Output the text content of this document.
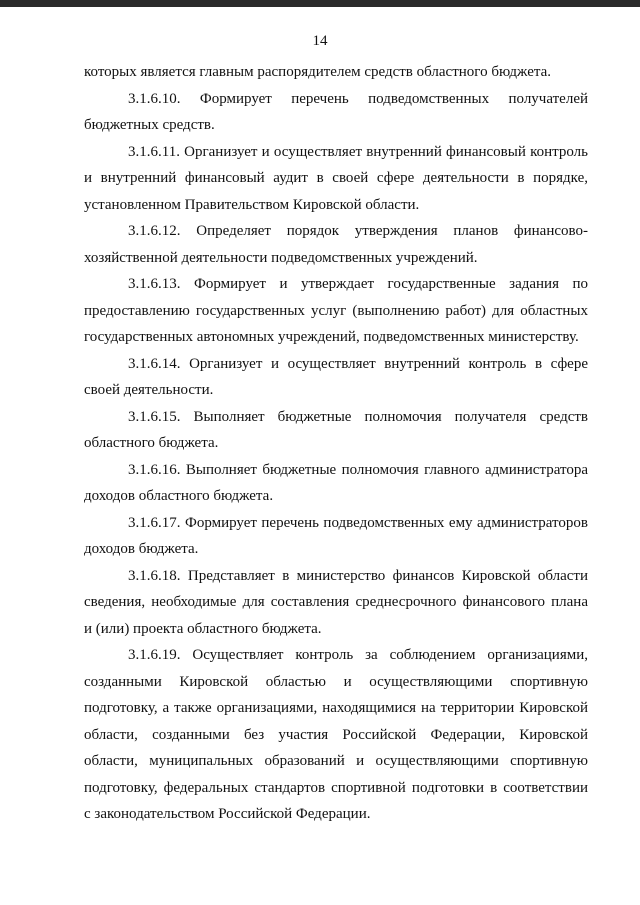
14

которых является главным распорядителем средств областного бюджета.

3.1.6.10. Формирует перечень подведомственных получателей
бюджетных средств.

3.1.6.11. Организует и осуществляет внутренний финансовый контроль
и внутренний финансовый аудит в своей сфере деятельности в порядке,
установленном Правительством Кировской области.

3.1.6.12. Определяет порядок утверждения планов финансово-
хозяйственной деятельности подведомственных учреждений.

3.1.6.13. Формирует и утверждает государственные задания по
предоставлению государственных услуг (выполнению работ) для областных
государственных автономных учреждений, подведомственных министерству.

3.1.6.14. Организует и осуществляет внутренний контроль в сфере
своей деятельности.

3.1.6.15. Выполняет бюджетные полномочия получателя средств
областного бюджета.

3.1.6.16. Выполняет бюджетные полномочия главного администратора
доходов областного бюджета.

3.1.6.17. Формирует перечень подведомственных ему администраторов
доходов бюджета.

3.1.6.18. Представляет в министерство финансов Кировской области
сведения, необходимые для составления среднесрочного финансового плана
и (или) проекта областного бюджета.

3.1.6.19. Осуществляет контроль за соблюдением организациями,
созданными Кировской областью и осуществляющими спортивную
подготовку, а также организациями, находящимися на территории Кировской
области, созданными без участия Российской Федерации, Кировской
области, муниципальных образований и осуществляющими спортивную
подготовку, федеральных стандартов спортивной подготовки в соответствии
с законодательством Российской Федерации.
